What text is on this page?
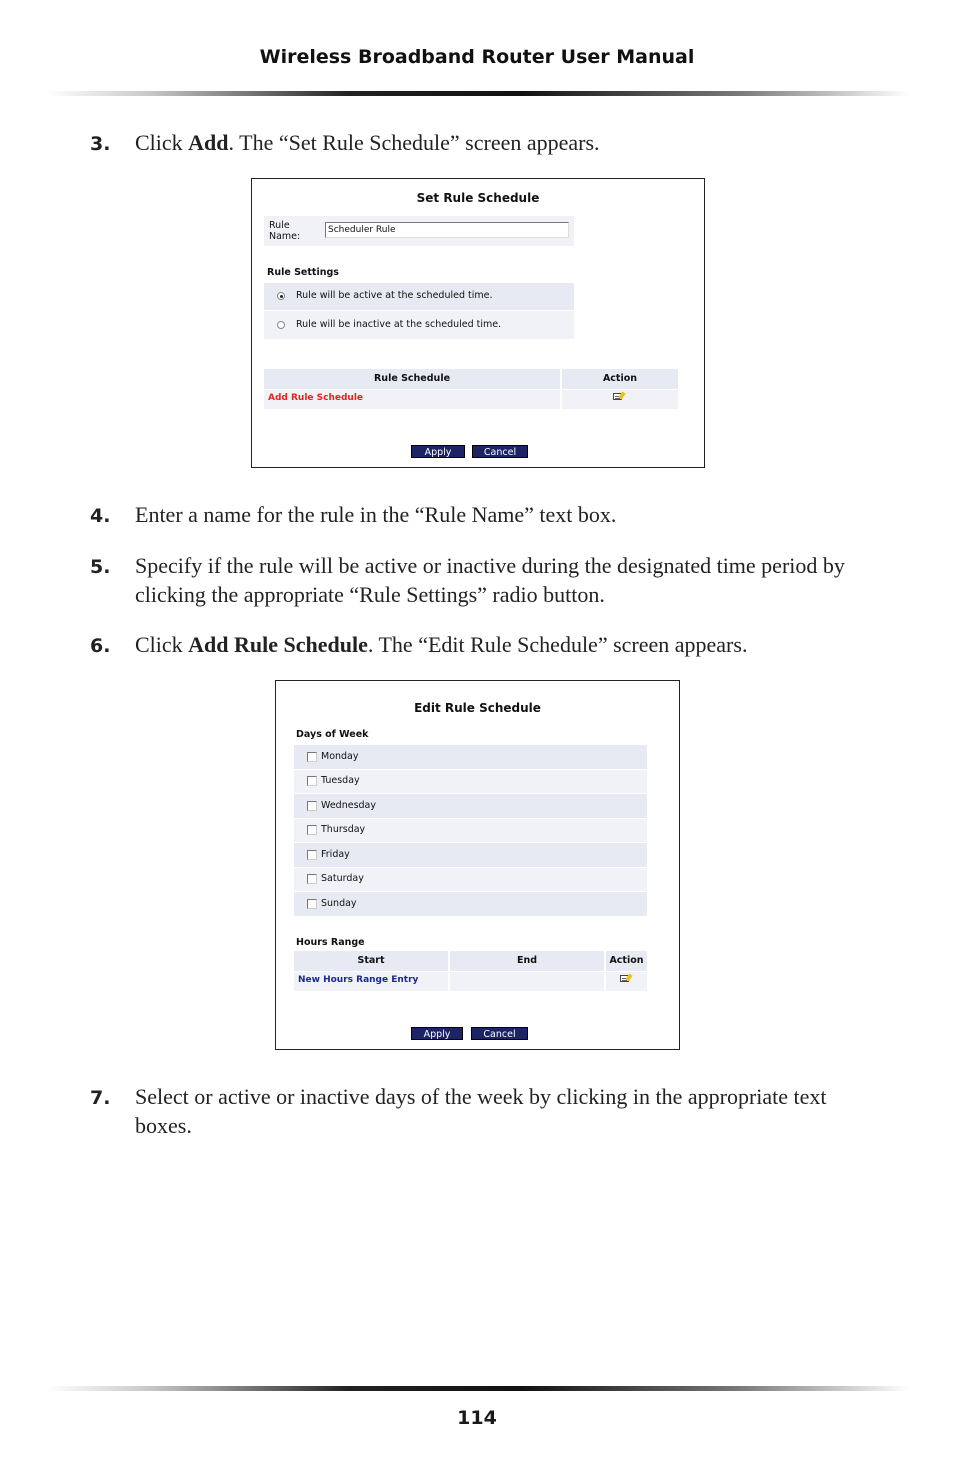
Wireless Broadband Router User Manual
3. Click Add. The “Set Rule Schedule” screen appears.
Set Rule Schedule
Rule Name:
Scheduler Rule
Rule Settings
Rule will be active at the scheduled time.
Rule will be inactive at the scheduled time.
Rule Schedule	Action
Add Rule Schedule
Apply	Cancel
4. Enter a name for the rule in the “Rule Name” text box.
5. Specify if the rule will be active or inactive during the designated time period by clicking the appropriate “Rule Settings” radio button.
6. Click Add Rule Schedule. The “Edit Rule Schedule” screen appears.
Edit Rule Schedule
Days of Week
Monday
Tuesday
Wednesday
Thursday
Friday
Saturday
Sunday
Hours Range
Start	End	Action
New Hours Range Entry
Apply	Cancel
7. Select or active or inactive days of the week by clicking in the appropriate text boxes.
114
